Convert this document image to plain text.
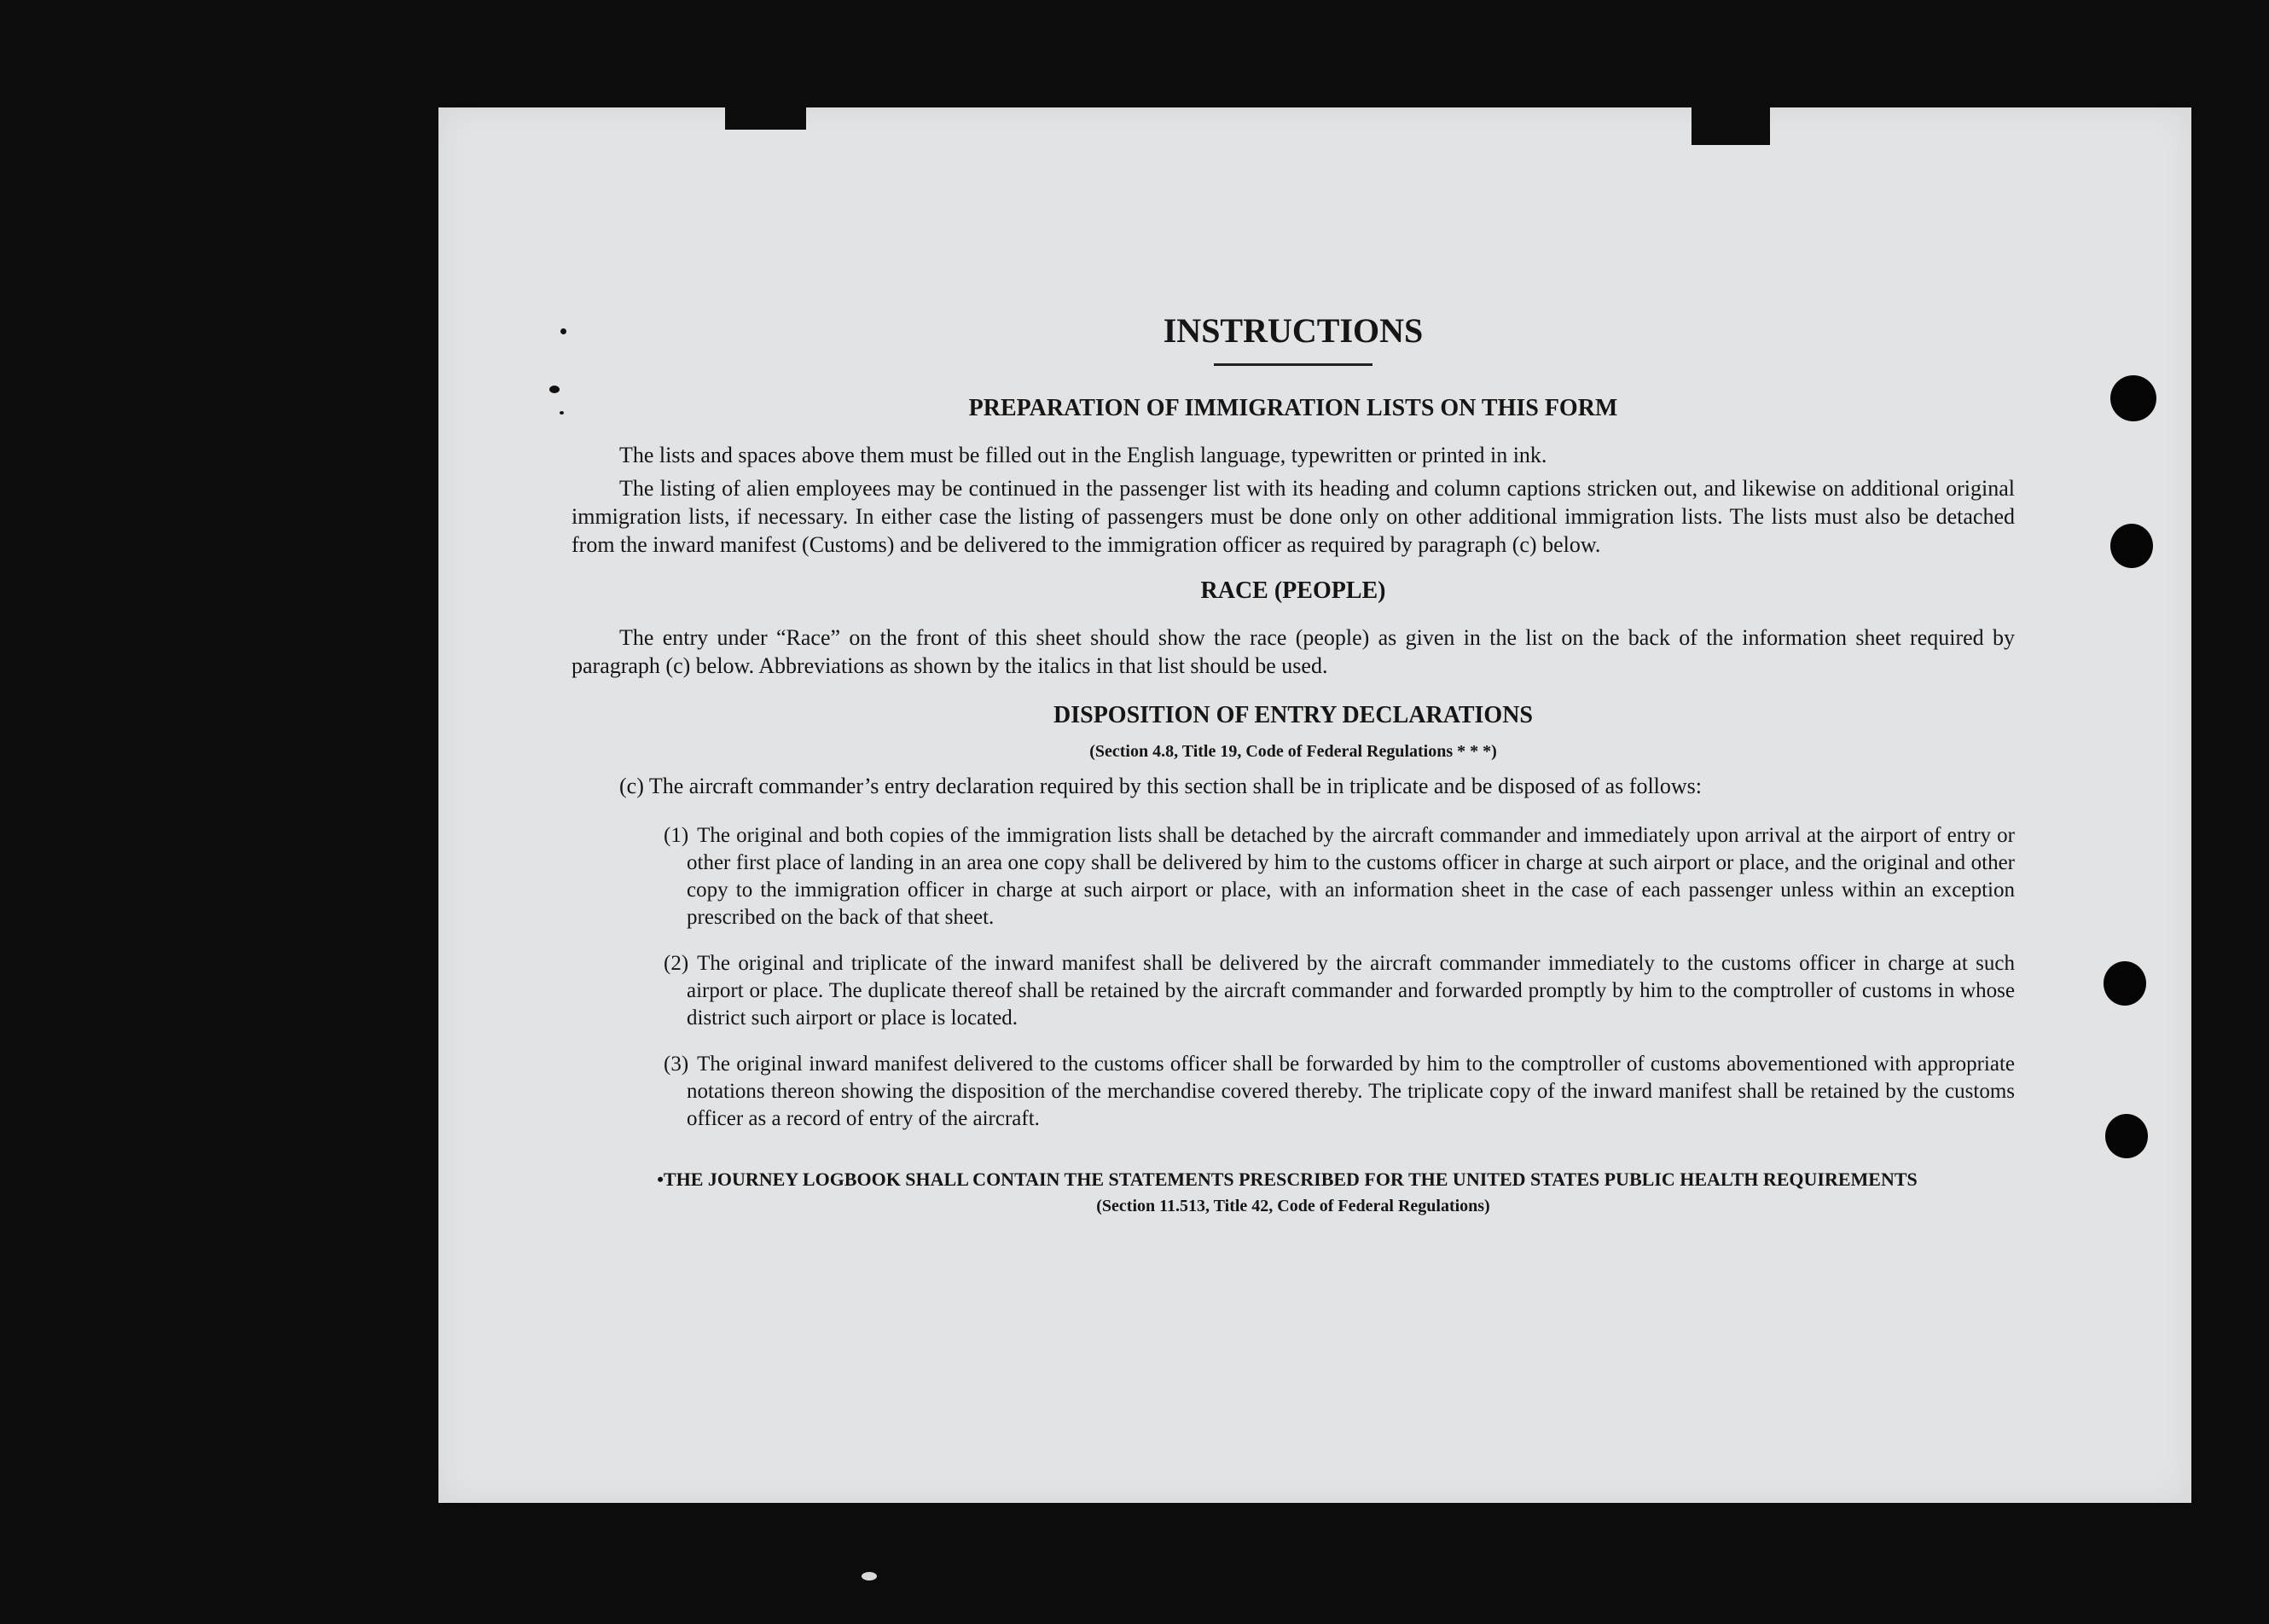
INSTRUCTIONS
PREPARATION OF IMMIGRATION LISTS ON THIS FORM

The lists and spaces above them must be filled out in the English language, typewritten or printed in ink.

The listing of alien employees may be continued in the passenger list with its heading and column captions stricken out, and likewise on additional original immigration lists, if necessary. In either case the listing of passengers must be done only on other additional immigration lists. The lists must also be detached from the inward manifest (Customs) and be delivered to the immigration officer as required by paragraph (c) below.

RACE (PEOPLE)

The entry under “Race” on the front of this sheet should show the race (people) as given in the list on the back of the information sheet required by paragraph (c) below. Abbreviations as shown by the italics in that list should be used.

DISPOSITION OF ENTRY DECLARATIONS

(Section 4.8, Title 19, Code of Federal Regulations * * *)

(c) The aircraft commander’s entry declaration required by this section shall be in triplicate and be disposed of as follows:

(1) The original and both copies of the immigration lists shall be detached by the aircraft commander and immediately upon arrival at the airport of entry or other first place of landing in an area one copy shall be delivered by him to the customs officer in charge at such airport or place, and the original and other copy to the immigration officer in charge at such airport or place, with an information sheet in the case of each passenger unless within an exception prescribed on the back of that sheet.
(2) The original and triplicate of the inward manifest shall be delivered by the aircraft commander immediately to the customs officer in charge at such airport or place. The duplicate thereof shall be retained by the aircraft commander and forwarded promptly by him to the comptroller of customs in whose district such airport or place is located.
(3) The original inward manifest delivered to the customs officer shall be forwarded by him to the comptroller of customs abovementioned with appropriate notations thereon showing the disposition of the merchandise covered thereby. The triplicate copy of the inward manifest shall be retained by the customs officer as a record of entry of the aircraft.

•THE JOURNEY LOGBOOK SHALL CONTAIN THE STATEMENTS PRESCRIBED FOR THE UNITED STATES PUBLIC HEALTH REQUIREMENTS

(Section 11.513, Title 42, Code of Federal Regulations)
